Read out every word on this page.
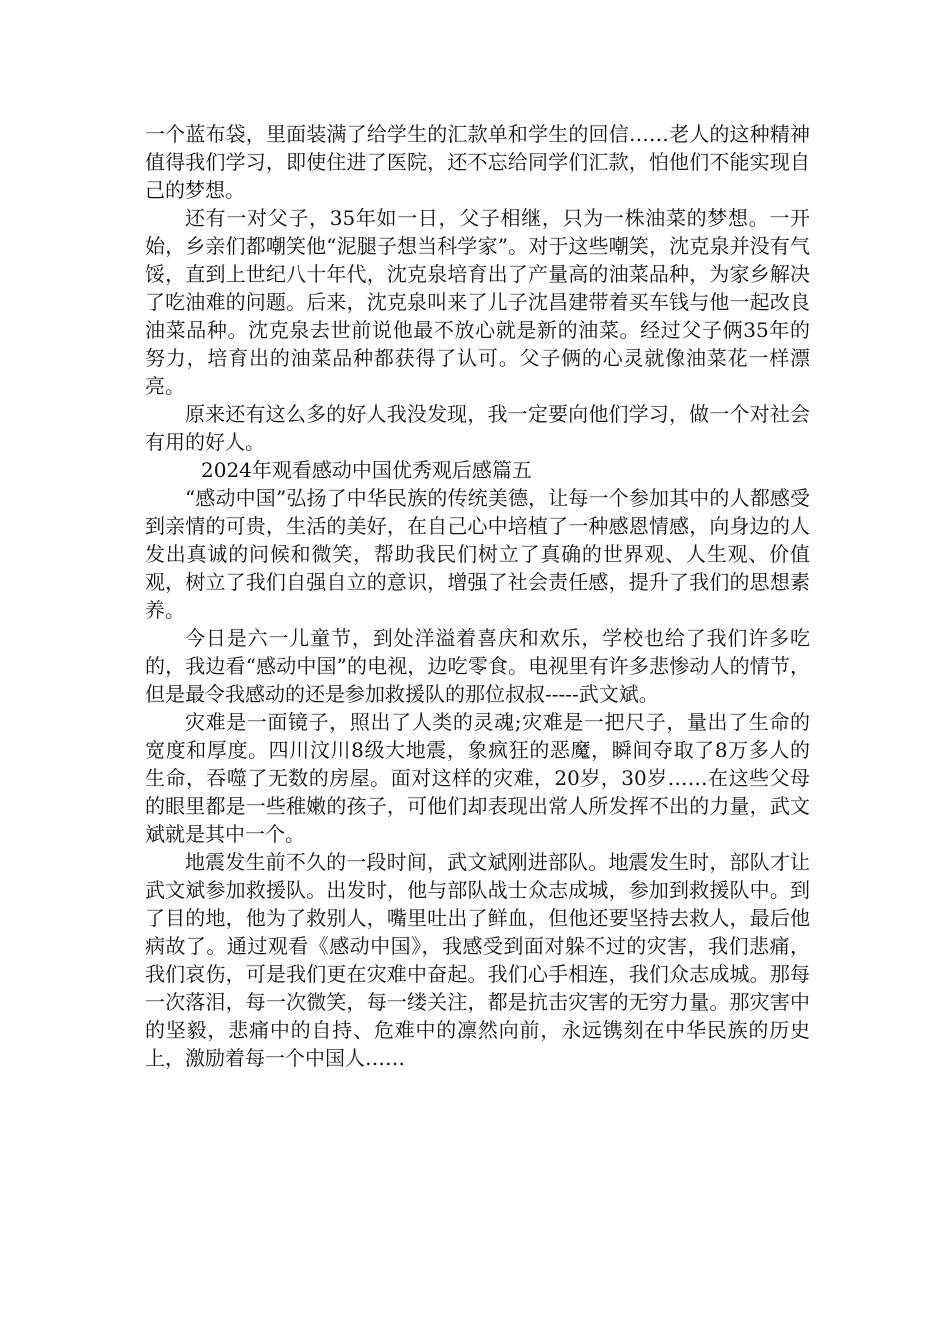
一个蓝布袋，里面装满了给学生的汇款单和学生的回信……老人的这种精神值得我们学习，即使住进了医院，还不忘给同学们汇款，怕他们不能实现自己的梦想。

还有一对父子，35年如一日，父子相继，只为一株油菜的梦想。一开始，乡亲们都嘲笑他“泥腿子想当科学家”。对于这些嘲笑，沈克泉并没有气馁，直到上世纪八十年代，沈克泉培育出了产量高的油菜品种，为家乡解决了吃油难的问题。后来，沈克泉叫来了儿子沈昌建带着买车钱与他一起改良油菜品种。沈克泉去世前说他最不放心就是新的油菜。经过父子俩35年的努力，培育出的油菜品种都获得了认可。父子俩的心灵就像油菜花一样漂亮。

原来还有这么多的好人我没发现，我一定要向他们学习，做一个对社会有用的好人。

2024年观看感动中国优秀观后感篇五

“感动中国”弘扬了中华民族的传统美德，让每一个参加其中的人都感受到亲情的可贵，生活的美好，在自己心中培植了一种感恩情感，向身边的人发出真诚的问候和微笑，帮助我民们树立了真确的世界观、人生观、价值观，树立了我们自强自立的意识，增强了社会责任感，提升了我们的思想素养。

今日是六一儿童节，到处洋溢着喜庆和欢乐，学校也给了我们许多吃的，我边看“感动中国”的电视，边吃零食。电视里有许多悲惨动人的情节，但是最令我感动的还是参加救援队的那位叔叔-----武文斌。

灾难是一面镜子，照出了人类的灵魂;灾难是一把尺子，量出了生命的宽度和厚度。四川汶川8级大地震，象疯狂的恶魔，瞬间夺取了8万多人的生命，吞噬了无数的房屋。面对这样的灾难，20岁，30岁……在这些父母的眼里都是一些稚嫩的孩子，可他们却表现出常人所发挥不出的力量，武文斌就是其中一个。

地震发生前不久的一段时间，武文斌刚进部队。地震发生时，部队才让武文斌参加救援队。出发时，他与部队战士众志成城，参加到救援队中。到了目的地，他为了救别人，嘴里吐出了鲜血，但他还要坚持去救人，最后他病故了。通过观看《感动中国》，我感受到面对躲不过的灾害，我们悲痛，我们哀伤，可是我们更在灾难中奋起。我们心手相连，我们众志成城。那每一次落泪，每一次微笑，每一缕关注，都是抗击灾害的无穷力量。那灾害中的坚毅，悲痛中的自持、危难中的凛然向前，永远镌刻在中华民族的历史上，激励着每一个中国人……
